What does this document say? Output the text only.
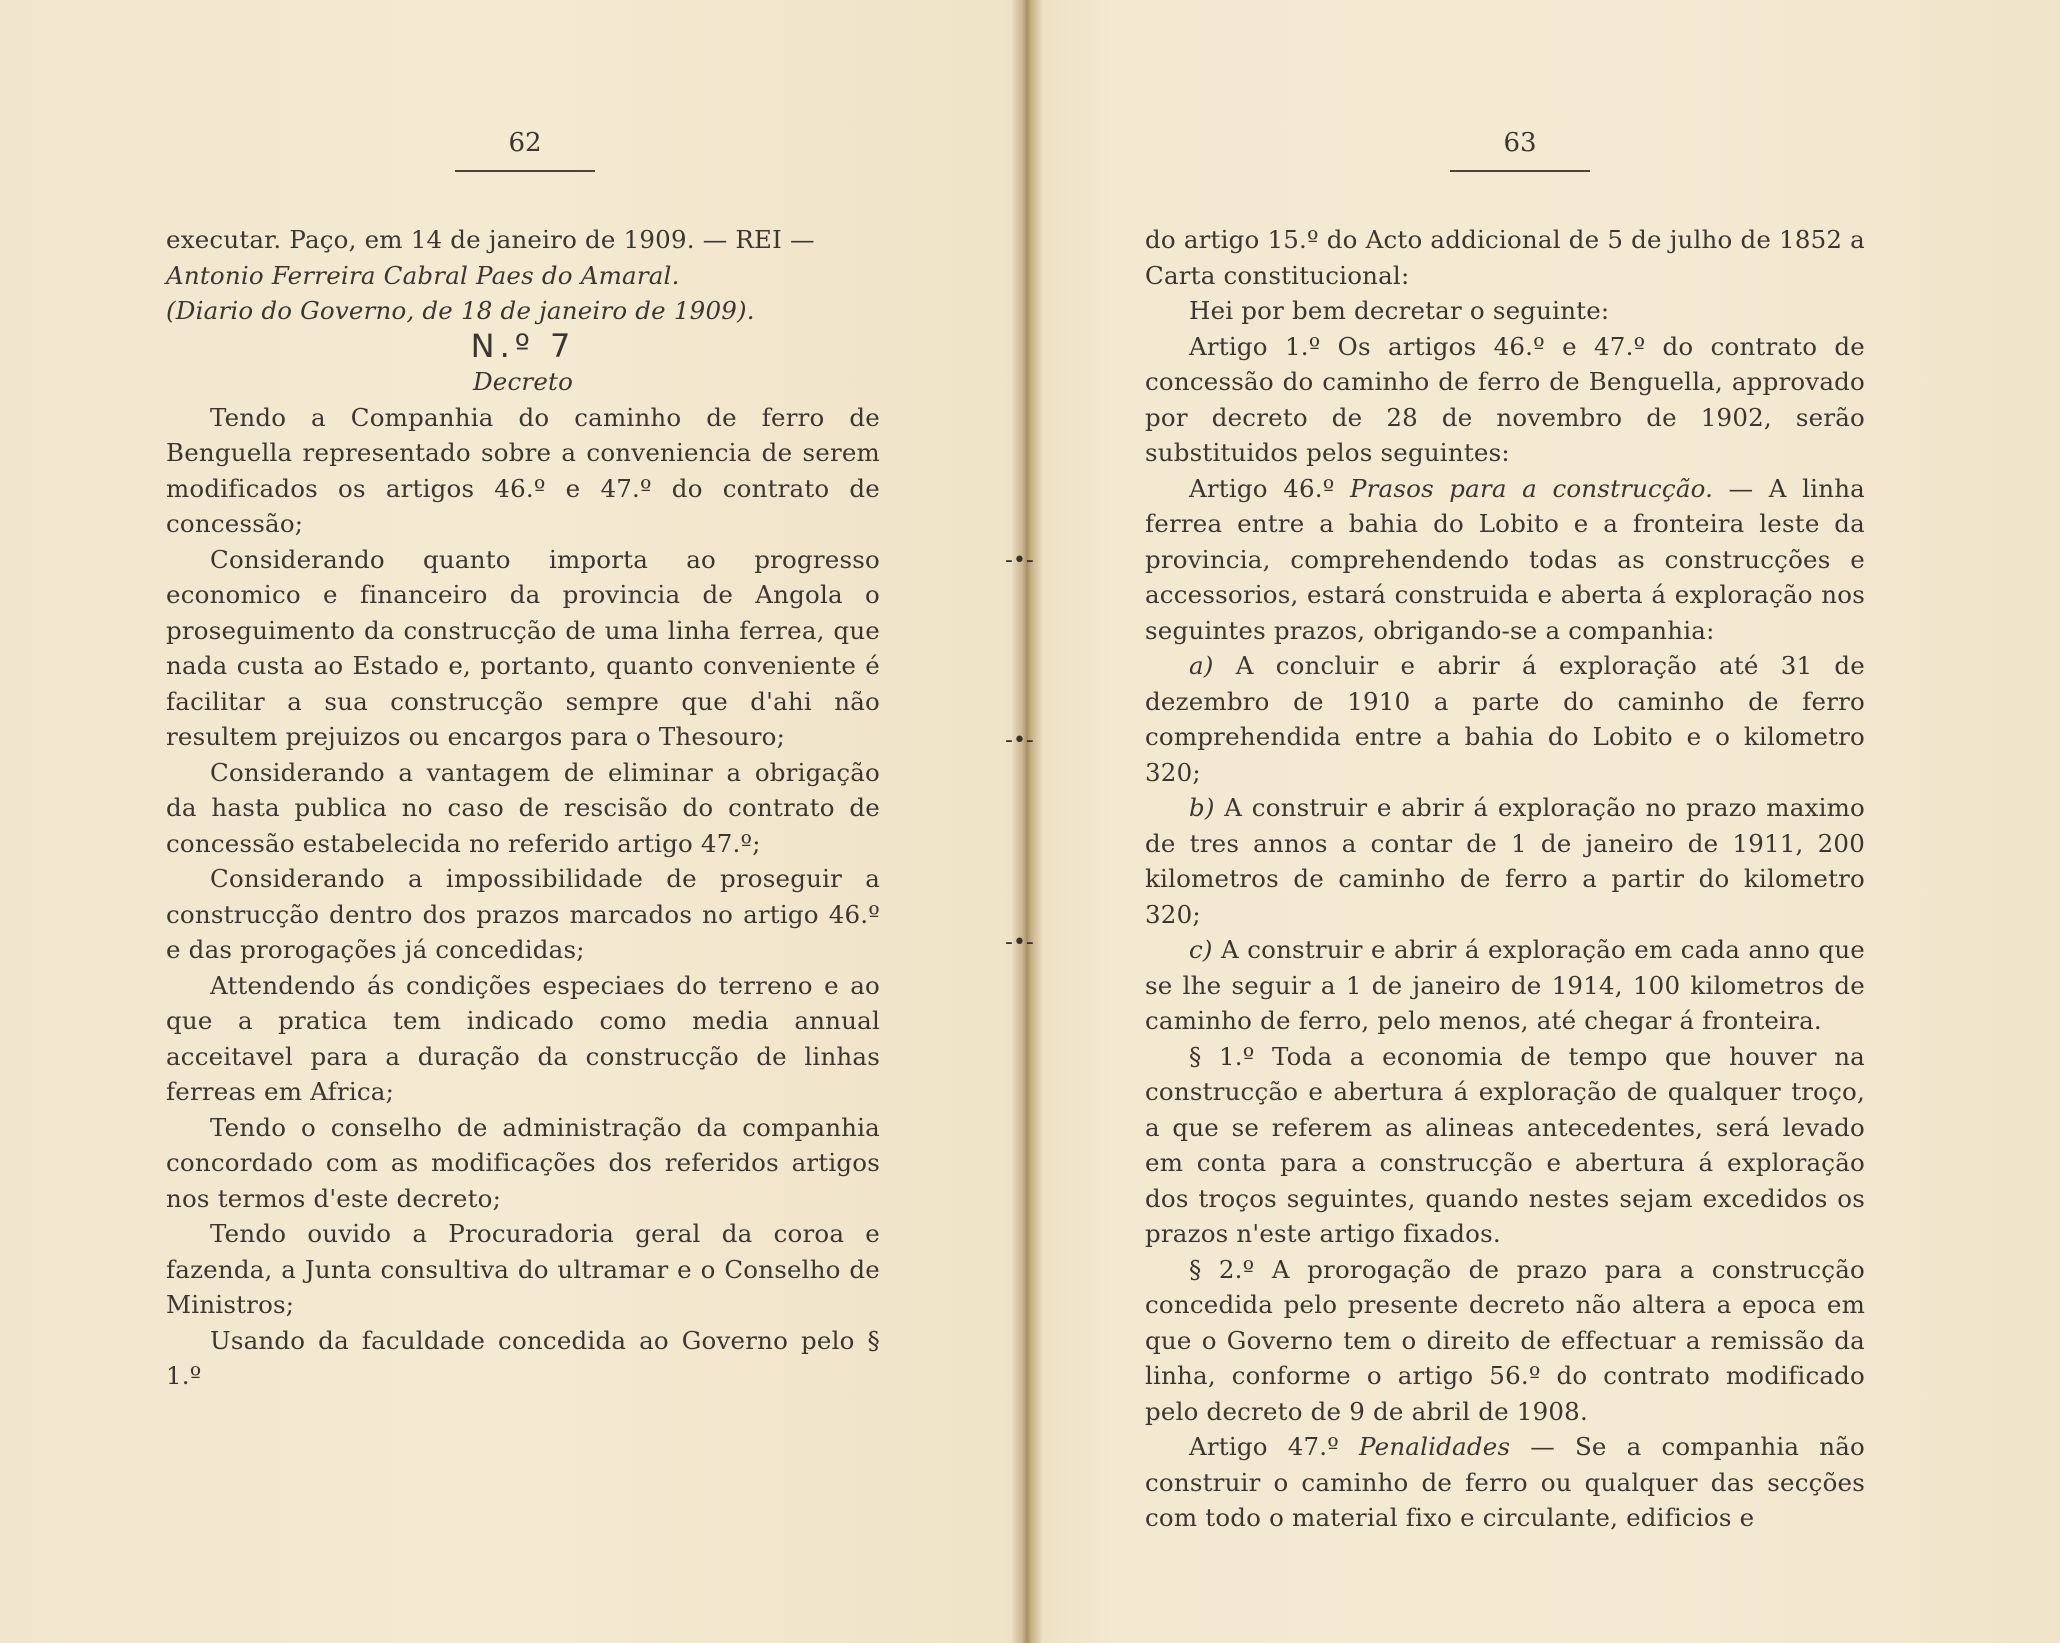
-•-
-•-
-•-
62

executar. Paço, em 14 de janeiro de 1909. — REI —

Antonio Ferreira Cabral Paes do Amaral.

(Diario do Governo, de 18 de janeiro de 1909).

N.º 7

Decreto

Tendo a Companhia do caminho de ferro de Benguella representado sobre a conveniencia de serem modificados os artigos 46.º e 47.º do contrato de concessão;

Considerando quanto importa ao progresso economico e financeiro da provincia de Angola o proseguimento da construcção de uma linha ferrea, que nada custa ao Estado e, portanto, quanto conveniente é facilitar a sua construcção sempre que d'ahi não resultem prejuizos ou encargos para o Thesouro;

Considerando a vantagem de eliminar a obrigação da hasta publica no caso de rescisão do contrato de concessão estabelecida no referido artigo 47.º;

Considerando a impossibilidade de proseguir a construcção dentro dos prazos marcados no artigo 46.º e das prorogações já concedidas;

Attendendo ás condições especiaes do terreno e ao que a pratica tem indicado como media annual acceitavel para a duração da construcção de linhas ferreas em Africa;

Tendo o conselho de administração da companhia concordado com as modificações dos referidos artigos nos termos d'este decreto;

Tendo ouvido a Procuradoria geral da coroa e fazenda, a Junta consultiva do ultramar e o Conselho de Ministros;

Usando da faculdade concedida ao Governo pelo § 1.º

63

do artigo 15.º do Acto addicional de 5 de julho de 1852 a Carta constitucional:

Hei por bem decretar o seguinte:

Artigo 1.º Os artigos 46.º e 47.º do contrato de concessão do caminho de ferro de Benguella, approvado por decreto de 28 de novembro de 1902, serão substituidos pelos seguintes:

Artigo 46.º Prasos para a construcção. — A linha ferrea entre a bahia do Lobito e a fronteira leste da provincia, comprehendendo todas as construcções e accessorios, estará construida e aberta á exploração nos seguintes prazos, obrigando-se a companhia:

a) A concluir e abrir á exploração até 31 de dezembro de 1910 a parte do caminho de ferro comprehendida entre a bahia do Lobito e o kilometro 320;

b) A construir e abrir á exploração no prazo maximo de tres annos a contar de 1 de janeiro de 1911, 200 kilometros de caminho de ferro a partir do kilometro 320;

c) A construir e abrir á exploração em cada anno que se lhe seguir a 1 de janeiro de 1914, 100 kilometros de caminho de ferro, pelo menos, até chegar á fronteira.

§ 1.º Toda a economia de tempo que houver na construcção e abertura á exploração de qualquer troço, a que se referem as alineas antecedentes, será levado em conta para a construcção e abertura á exploração dos troços seguintes, quando nestes sejam excedidos os prazos n'este artigo fixados.

§ 2.º A prorogação de prazo para a construcção concedida pelo presente decreto não altera a epoca em que o Governo tem o direito de effectuar a remissão da linha, conforme o artigo 56.º do contrato modificado pelo decreto de 9 de abril de 1908.

Artigo 47.º Penalidades — Se a companhia não construir o caminho de ferro ou qualquer das secções com todo o material fixo e circulante, edificios e
